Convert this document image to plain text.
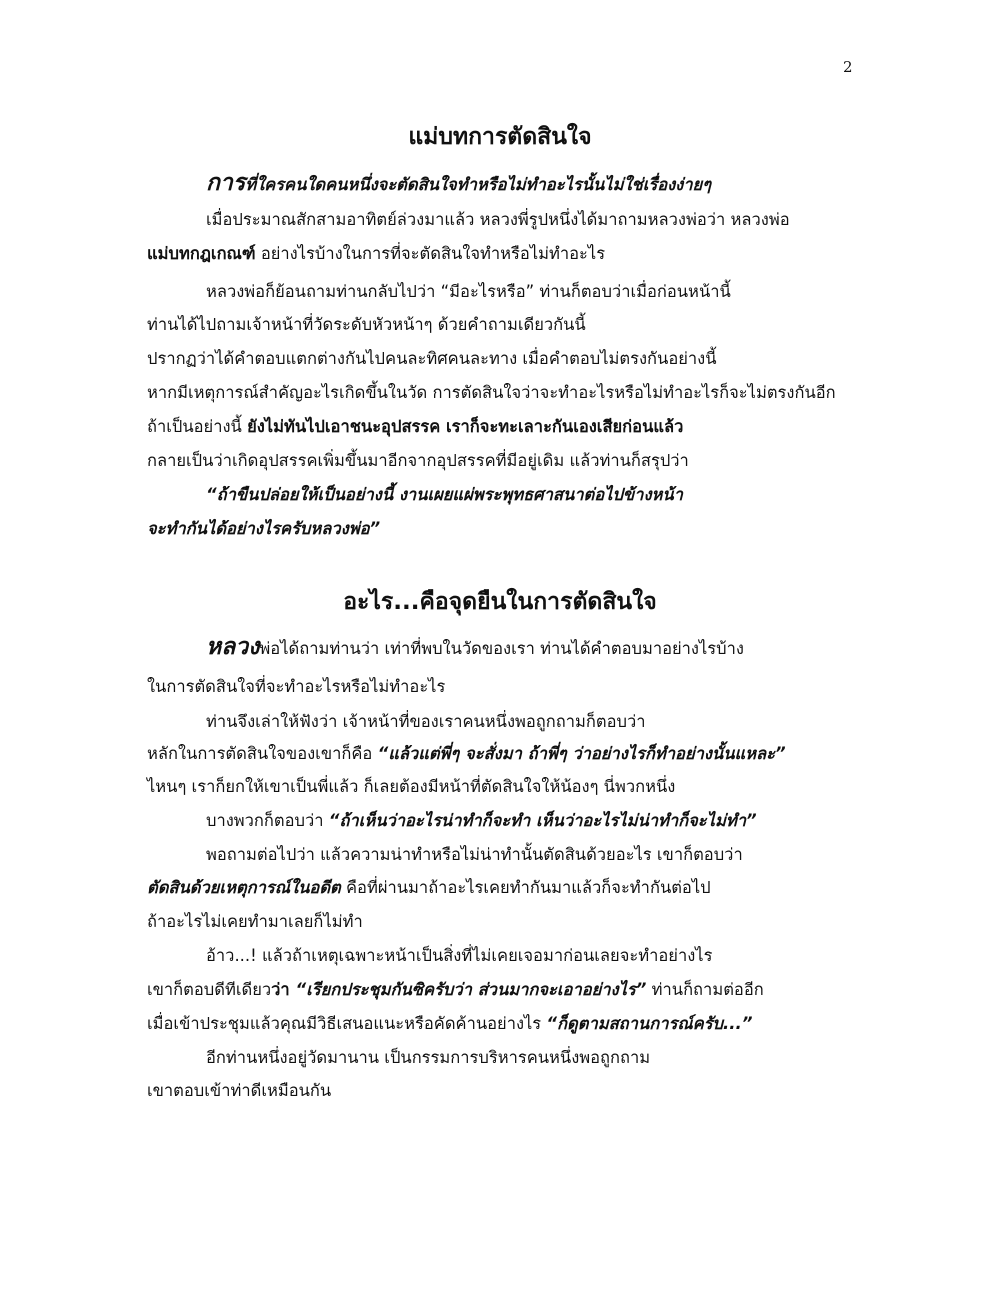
2
แม่บทการตัดสินใจ
การที่ใครคนใดคนหนึ่งจะตัดสินใจทำหรือไม่ทำอะไรนั้นไม่ใช่เรื่องง่ายๆ
เมื่อประมาณสักสามอาทิตย์ล่วงมาแล้ว หลวงพี่รูปหนึ่งได้มาถามหลวงพ่อว่า หลวงพ่อ
แม่บทกฎเกณฑ์ อย่างไรบ้างในการที่จะตัดสินใจทำหรือไม่ทำอะไร
หลวงพ่อก็ย้อนถามท่านกลับไปว่า “มีอะไรหรือ” ท่านก็ตอบว่าเมื่อก่อนหน้านี้
ท่านได้ไปถามเจ้าหน้าที่วัดระดับหัวหน้าๆ ด้วยคำถามเดียวกันนี้
ปรากฏว่าได้คำตอบแตกต่างกันไปคนละทิศคนละทาง เมื่อคำตอบไม่ตรงกันอย่างนี้
หากมีเหตุการณ์สำคัญอะไรเกิดขึ้นในวัด การตัดสินใจว่าจะทำอะไรหรือไม่ทำอะไรก็จะไม่ตรงกันอีก
ถ้าเป็นอย่างนี้ ยังไม่ทันไปเอาชนะอุปสรรค เราก็จะทะเลาะกันเองเสียก่อนแล้ว
กลายเป็นว่าเกิดอุปสรรคเพิ่มขึ้นมาอีกจากอุปสรรคที่มีอยู่เดิม แล้วท่านก็สรุปว่า
“ถ้าขืนปล่อยให้เป็นอย่างนี้ งานเผยแผ่พระพุทธศาสนาต่อไปข้างหน้า
จะทำกันได้อย่างไรครับหลวงพ่อ”
อะไร...คือจุดยืนในการตัดสินใจ
หลวงพ่อได้ถามท่านว่า เท่าที่พบในวัดของเรา ท่านได้คำตอบมาอย่างไรบ้าง
ในการตัดสินใจที่จะทำอะไรหรือไม่ทำอะไร
ท่านจึงเล่าให้ฟังว่า เจ้าหน้าที่ของเราคนหนึ่งพอถูกถามก็ตอบว่า
หลักในการตัดสินใจของเขาก็คือ “แล้วแต่พี่ๆ จะสั่งมา ถ้าพี่ๆ ว่าอย่างไรก็ทำอย่างนั้นแหละ”
ไหนๆ เราก็ยกให้เขาเป็นพี่แล้ว ก็เลยต้องมีหน้าที่ตัดสินใจให้น้องๆ นี่พวกหนึ่ง
บางพวกก็ตอบว่า “ถ้าเห็นว่าอะไรน่าทำก็จะทำ เห็นว่าอะไรไม่น่าทำก็จะไม่ทำ”
พอถามต่อไปว่า แล้วความน่าทำหรือไม่น่าทำนั้นตัดสินด้วยอะไร เขาก็ตอบว่า
ตัดสินด้วยเหตุการณ์ในอดีต คือที่ผ่านมาถ้าอะไรเคยทำกันมาแล้วก็จะทำกันต่อไป
ถ้าอะไรไม่เคยทำมาเลยก็ไม่ทำ
อ้าว...! แล้วถ้าเหตุเฉพาะหน้าเป็นสิ่งที่ไม่เคยเจอมาก่อนเลยจะทำอย่างไร
เขาก็ตอบดีทีเดียวว่า “เรียกประชุมกันซิครับว่า ส่วนมากจะเอาอย่างไร” ท่านก็ถามต่ออีก
เมื่อเข้าประชุมแล้วคุณมีวิธีเสนอแนะหรือคัดค้านอย่างไร “ก็ดูตามสถานการณ์ครับ...”
อีกท่านหนึ่งอยู่วัดมานาน เป็นกรรมการบริหารคนหนึ่งพอถูกถาม
เขาตอบเข้าท่าดีเหมือนกัน
